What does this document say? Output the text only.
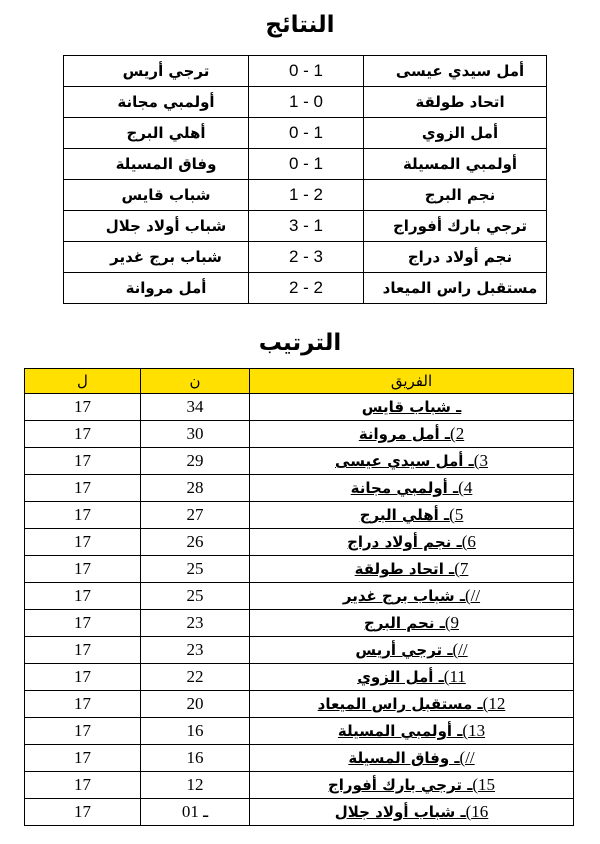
النتائج
ترجي أريس	0 - 1	أمل سيدي عيسى
أولمبي مجانة	1 - 0	اتحاد طولقة
أهلي البرج	0 - 1	أمل الزوي
وفاق المسيلة	0 - 1	أولمبي المسيلة
شباب قايس	1 - 2	نجم البرج
شباب أولاد جلال	3 - 1	ترجي بارك أفوراج
شباب برج غدير	2 - 3	نجم أولاد دراج
أمل مروانة	2 - 2	مستقبل راس الميعاد
الترتيب
ل	ن	الفريق
17	34	ـ شباب قايس
17	30	2)ـ أمل مروانة
17	29	3)ـ أمل سيدي عيسى
17	28	4)ـ أولمبي مجانة
17	27	5)ـ أهلي البرج
17	26	6)ـ نجم أولاد دراج
17	25	7)ـ اتحاد طولقة
17	25	//)ـ شباب برج غدير
17	23	9)ـ نحم البرج
17	23	//)ـ ترجي أريس
17	22	11)ـ أمل الزوي
17	20	12)ـ مستقبل راس الميعاد
17	16	13)ـ أولمبي المسيلة
17	16	//)ـ وفاق المسيلة
17	12	15)ـ ترجي بارك أفوراج
17	01 ـ	16)ـ شباب أولاد جلال
